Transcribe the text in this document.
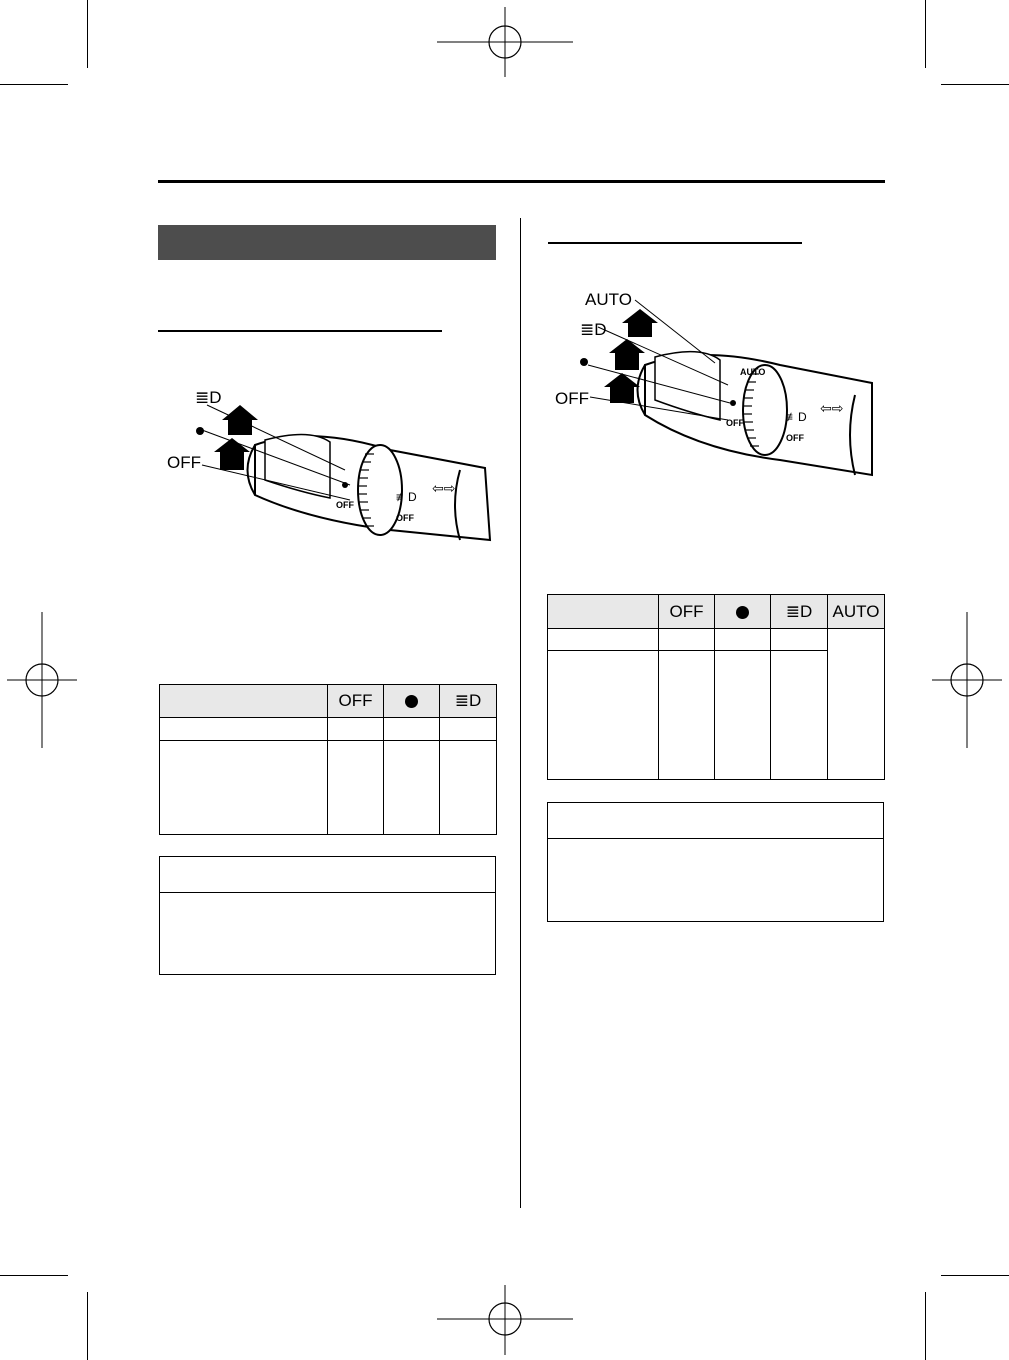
≣D
OFF
OFF
≢D
OFF
⇦⇨
AUTO
≣D
OFF
AUTO
OFF	≢D
OFF
⇦⇨
	OFF		≣D

	OFF		≣D	AUTO
